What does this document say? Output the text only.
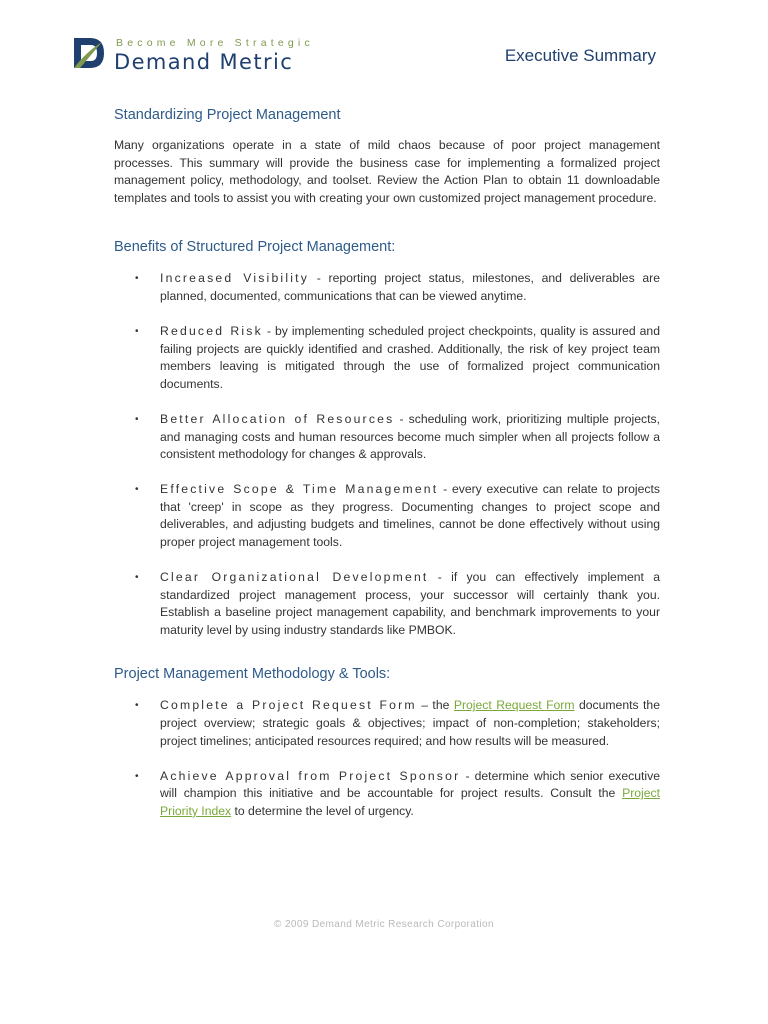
Become More Strategic
Demand Metric	Executive Summary
Standardizing Project Management

Many organizations operate in a state of mild chaos because of poor project management processes. This summary will provide the business case for implementing a formalized project management policy, methodology, and toolset. Review the Action Plan to obtain 11 downloadable templates and tools to assist you with creating your own customized project management procedure.

Benefits of Structured Project Management:
• Increased Visibility - reporting project status, milestones, and deliverables are planned, documented, communications that can be viewed anytime.
• Reduced Risk - by implementing scheduled project checkpoints, quality is assured and failing projects are quickly identified and crashed. Additionally, the risk of key project team members leaving is mitigated through the use of formalized project communication documents.
• Better Allocation of Resources - scheduling work, prioritizing multiple projects, and managing costs and human resources become much simpler when all projects follow a consistent methodology for changes & approvals.
• Effective Scope & Time Management - every executive can relate to projects that 'creep' in scope as they progress. Documenting changes to project scope and deliverables, and adjusting budgets and timelines, cannot be done effectively without using proper project management tools.
• Clear Organizational Development - if you can effectively implement a standardized project management process, your successor will certainly thank you. Establish a baseline project management capability, and benchmark improvements to your maturity level by using industry standards like PMBOK.
Project Management Methodology & Tools:
• Complete a Project Request Form – the Project Request Form documents the project overview; strategic goals & objectives; impact of non-completion; stakeholders; project timelines; anticipated resources required; and how results will be measured.
• Achieve Approval from Project Sponsor - determine which senior executive will champion this initiative and be accountable for project results. Consult the Project Priority Index to determine the level of urgency.
© 2009 Demand Metric Research Corporation
